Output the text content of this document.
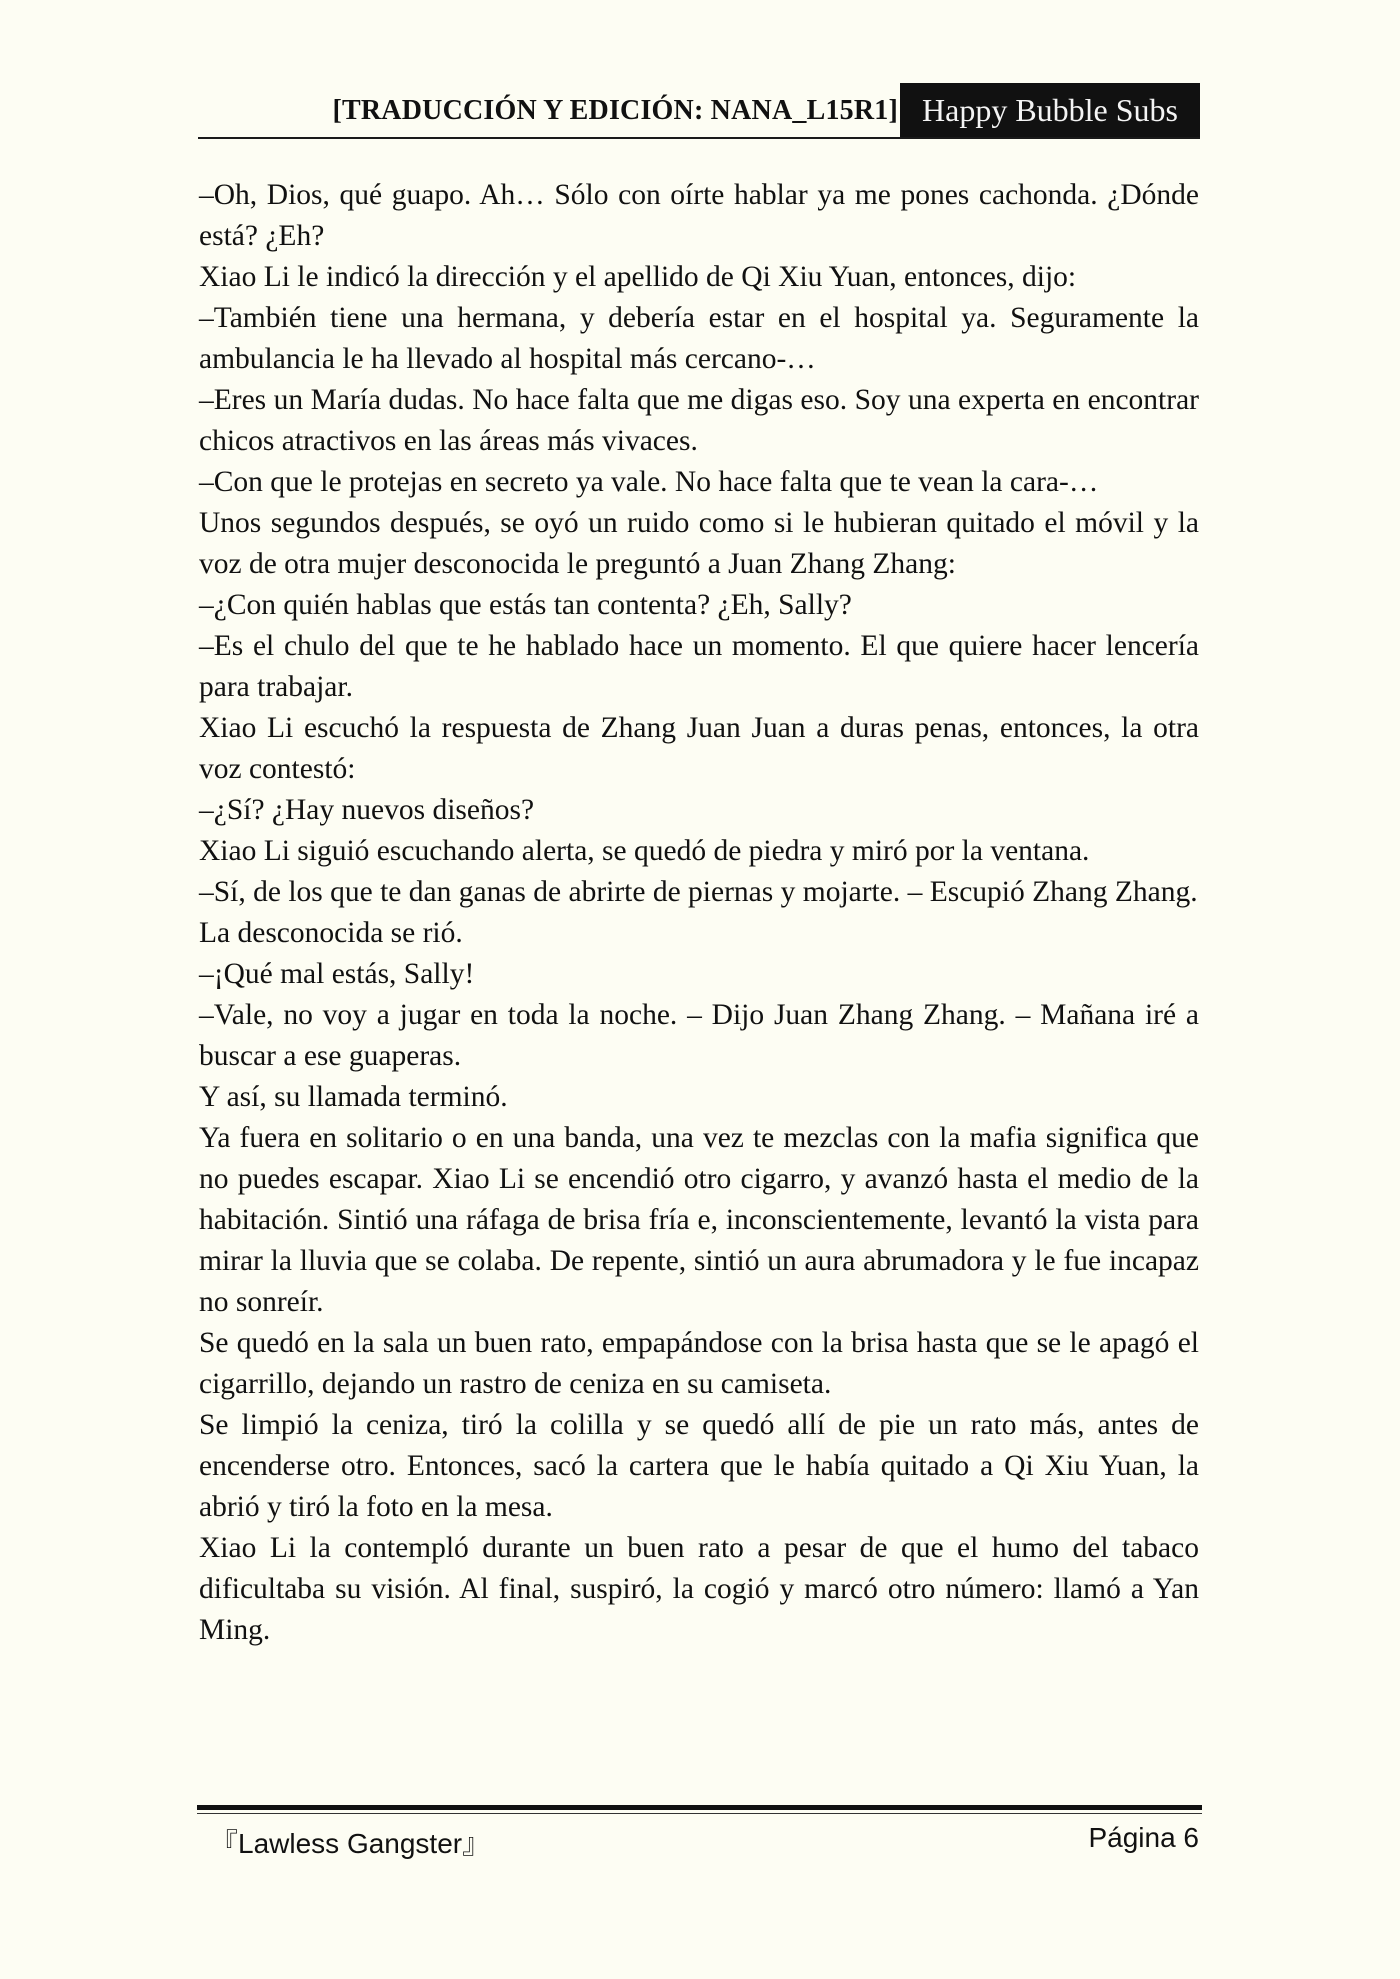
[TRADUCCIÓN Y EDICIÓN: NANA_L15R1] Happy Bubble Subs

–Oh, Dios, qué guapo. Ah… Sólo con oírte hablar ya me pones cachonda. ¿Dónde está? ¿Eh?

Xiao Li le indicó la dirección y el apellido de Qi Xiu Yuan, entonces, dijo:

–También tiene una hermana, y debería estar en el hospital ya. Seguramente la ambulancia le ha llevado al hospital más cercano-…

–Eres un María dudas. No hace falta que me digas eso. Soy una experta en encontrar chicos atractivos en las áreas más vivaces.

–Con que le protejas en secreto ya vale. No hace falta que te vean la cara-…

Unos segundos después, se oyó un ruido como si le hubieran quitado el móvil y la voz de otra mujer desconocida le preguntó a Juan Zhang Zhang:

–¿Con quién hablas que estás tan contenta? ¿Eh, Sally?

–Es el chulo del que te he hablado hace un momento. El que quiere hacer lencería para trabajar.

Xiao Li escuchó la respuesta de Zhang Juan Juan a duras penas, entonces, la otra voz contestó:

–¿Sí? ¿Hay nuevos diseños?

Xiao Li siguió escuchando alerta, se quedó de piedra y miró por la ventana.

–Sí, de los que te dan ganas de abrirte de piernas y mojarte. – Escupió Zhang Zhang.

La desconocida se rió.

–¡Qué mal estás, Sally!

–Vale, no voy a jugar en toda la noche. – Dijo Juan Zhang Zhang. – Mañana iré a buscar a ese guaperas.

Y así, su llamada terminó.

Ya fuera en solitario o en una banda, una vez te mezclas con la mafia significa que no puedes escapar. Xiao Li se encendió otro cigarro, y avanzó hasta el medio de la habitación. Sintió una ráfaga de brisa fría e, inconscientemente, levantó la vista para mirar la lluvia que se colaba. De repente, sintió un aura abrumadora y le fue incapaz no sonreír.

Se quedó en la sala un buen rato, empapándose con la brisa hasta que se le apagó el cigarrillo, dejando un rastro de ceniza en su camiseta.

Se limpió la ceniza, tiró la colilla y se quedó allí de pie un rato más, antes de encenderse otro. Entonces, sacó la cartera que le había quitado a Qi Xiu Yuan, la abrió y tiró la foto en la mesa.

Xiao Li la contempló durante un buen rato a pesar de que el humo del tabaco dificultaba su visión. Al final, suspiró, la cogió y marcó otro número: llamó a Yan Ming.

『Lawless Gangster』	Página 6
